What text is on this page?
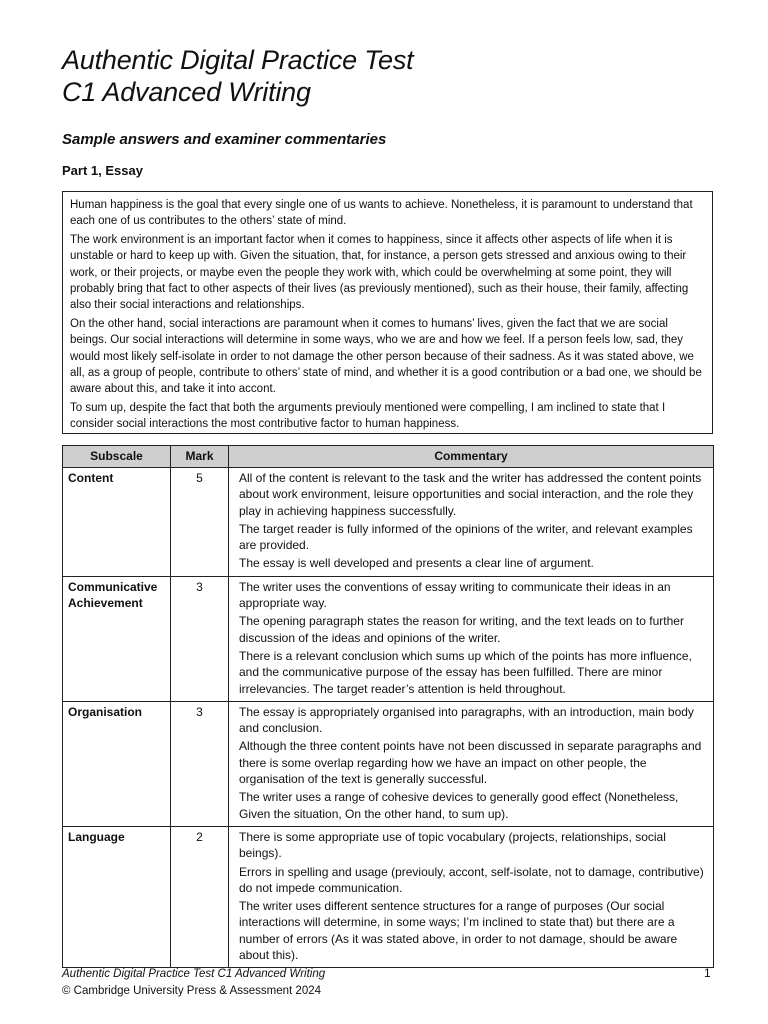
Authentic Digital Practice Test
C1 Advanced Writing
Sample answers and examiner commentaries
Part 1, Essay

Human happiness is the goal that every single one of us wants to achieve. Nonetheless, it is paramount to understand that each one of us contributes to the others’ state of mind.

The work environment is an important factor when it comes to happiness, since it affects other aspects of life when it is unstable or hard to keep up with. Given the situation, that, for instance, a person gets stressed and anxious owing to their work, or their projects, or maybe even the people they work with, which could be overwhelming at some point, they will probably bring that fact to other aspects of their lives (as previously mentioned), such as their house, their family, affecting also their social interactions and relationships.

On the other hand, social interactions are paramount when it comes to humans’ lives, given the fact that we are social beings. Our social interactions will determine in some ways, who we are and how we feel. If a person feels low, sad, they would most likely self-isolate in order to not damage the other person because of their sadness. As it was stated above, we all, as a group of people, contribute to others’ state of mind, and whether it is a good contribution or a bad one, we should be aware about this, and take it into accont.

To sum up, despite the fact that both the arguments previouly mentioned were compelling, I am inclined to state that I consider social interactions the most contributive factor to human happiness.

Subscale	Mark	Commentary
Content	5	All of the content is relevant to the task and the writer has addressed the content points about work environment, leisure opportunities and social interaction, and the role they play in achieving happiness successfully.

The target reader is fully informed of the opinions of the writer, and relevant examples are provided.

The essay is well developed and presents a clear line of argument.

Communicative Achievement	3	The writer uses the conventions of essay writing to communicate their ideas in an appropriate way.

The opening paragraph states the reason for writing, and the text leads on to further discussion of the ideas and opinions of the writer.

There is a relevant conclusion which sums up which of the points has more influence, and the communicative purpose of the essay has been fulfilled. There are minor irrelevancies. The target reader’s attention is held throughout.

Organisation	3	The essay is appropriately organised into paragraphs, with an introduction, main body and conclusion.

Although the three content points have not been discussed in separate paragraphs and there is some overlap regarding how we have an impact on other people, the organisation of the text is generally successful.

The writer uses a range of cohesive devices to generally good effect (Nonetheless, Given the situation, On the other hand, to sum up).

Language	2	There is some appropriate use of topic vocabulary (projects, relationships, social beings).

Errors in spelling and usage (previouly, accont, self-isolate, not to damage, contributive) do not impede communication.

The writer uses different sentence structures for a range of purposes (Our social interactions will determine, in some ways; I’m inclined to state that) but there are a number of errors (As it was stated above, in order to not damage, should be aware about this).

Authentic Digital Practice Test C1 Advanced Writing
© Cambridge University Press & Assessment 2024
1
